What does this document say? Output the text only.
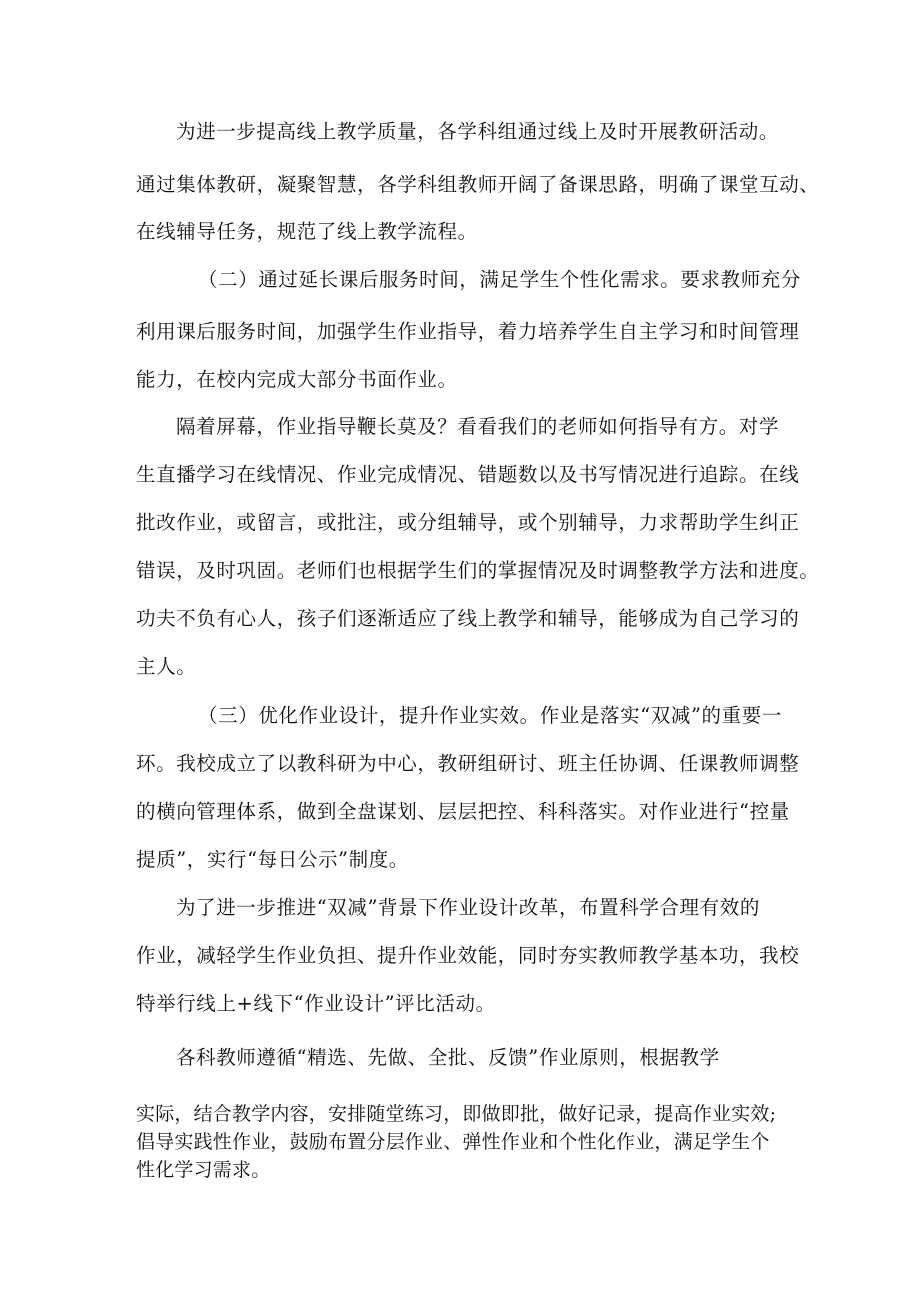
为进一步提高线上教学质量，各学科组通过线上及时开展教研活动。
通过集体教研，凝聚智慧，各学科组教师开阔了备课思路，明确了课堂互动、
在线辅导任务，规范了线上教学流程。
（二）通过延长课后服务时间，满足学生个性化需求。要求教师充分
利用课后服务时间，加强学生作业指导，着力培养学生自主学习和时间管理
能力，在校内完成大部分书面作业。
隔着屏幕，作业指导鞭长莫及？看看我们的老师如何指导有方。对学
生直播学习在线情况、作业完成情况、错题数以及书写情况进行追踪。在线
批改作业，或留言，或批注，或分组辅导，或个别辅导，力求帮助学生纠正
错误，及时巩固。老师们也根据学生们的掌握情况及时调整教学方法和进度。
功夫不负有心人，孩子们逐渐适应了线上教学和辅导，能够成为自己学习的
主人。
（三）优化作业设计，提升作业实效。作业是落实“双减”的重要一
环。我校成立了以教科研为中心，教研组研讨、班主任协调、任课教师调整
的横向管理体系，做到全盘谋划、层层把控、科科落实。对作业进行“控量
提质”，实行“每日公示”制度。
为了进一步推进“双减”背景下作业设计改革，布置科学合理有效的
作业，减轻学生作业负担、提升作业效能，同时夯实教师教学基本功，我校
特举行线上+线下“作业设计”评比活动。
各科教师遵循“精选、先做、全批、反馈”作业原则，根据教学
实际，结合教学内容，安排随堂练习，即做即批，做好记录，提高作业实效;
倡导实践性作业，鼓励布置分层作业、弹性作业和个性化作业，满足学生个
性化学习需求。
